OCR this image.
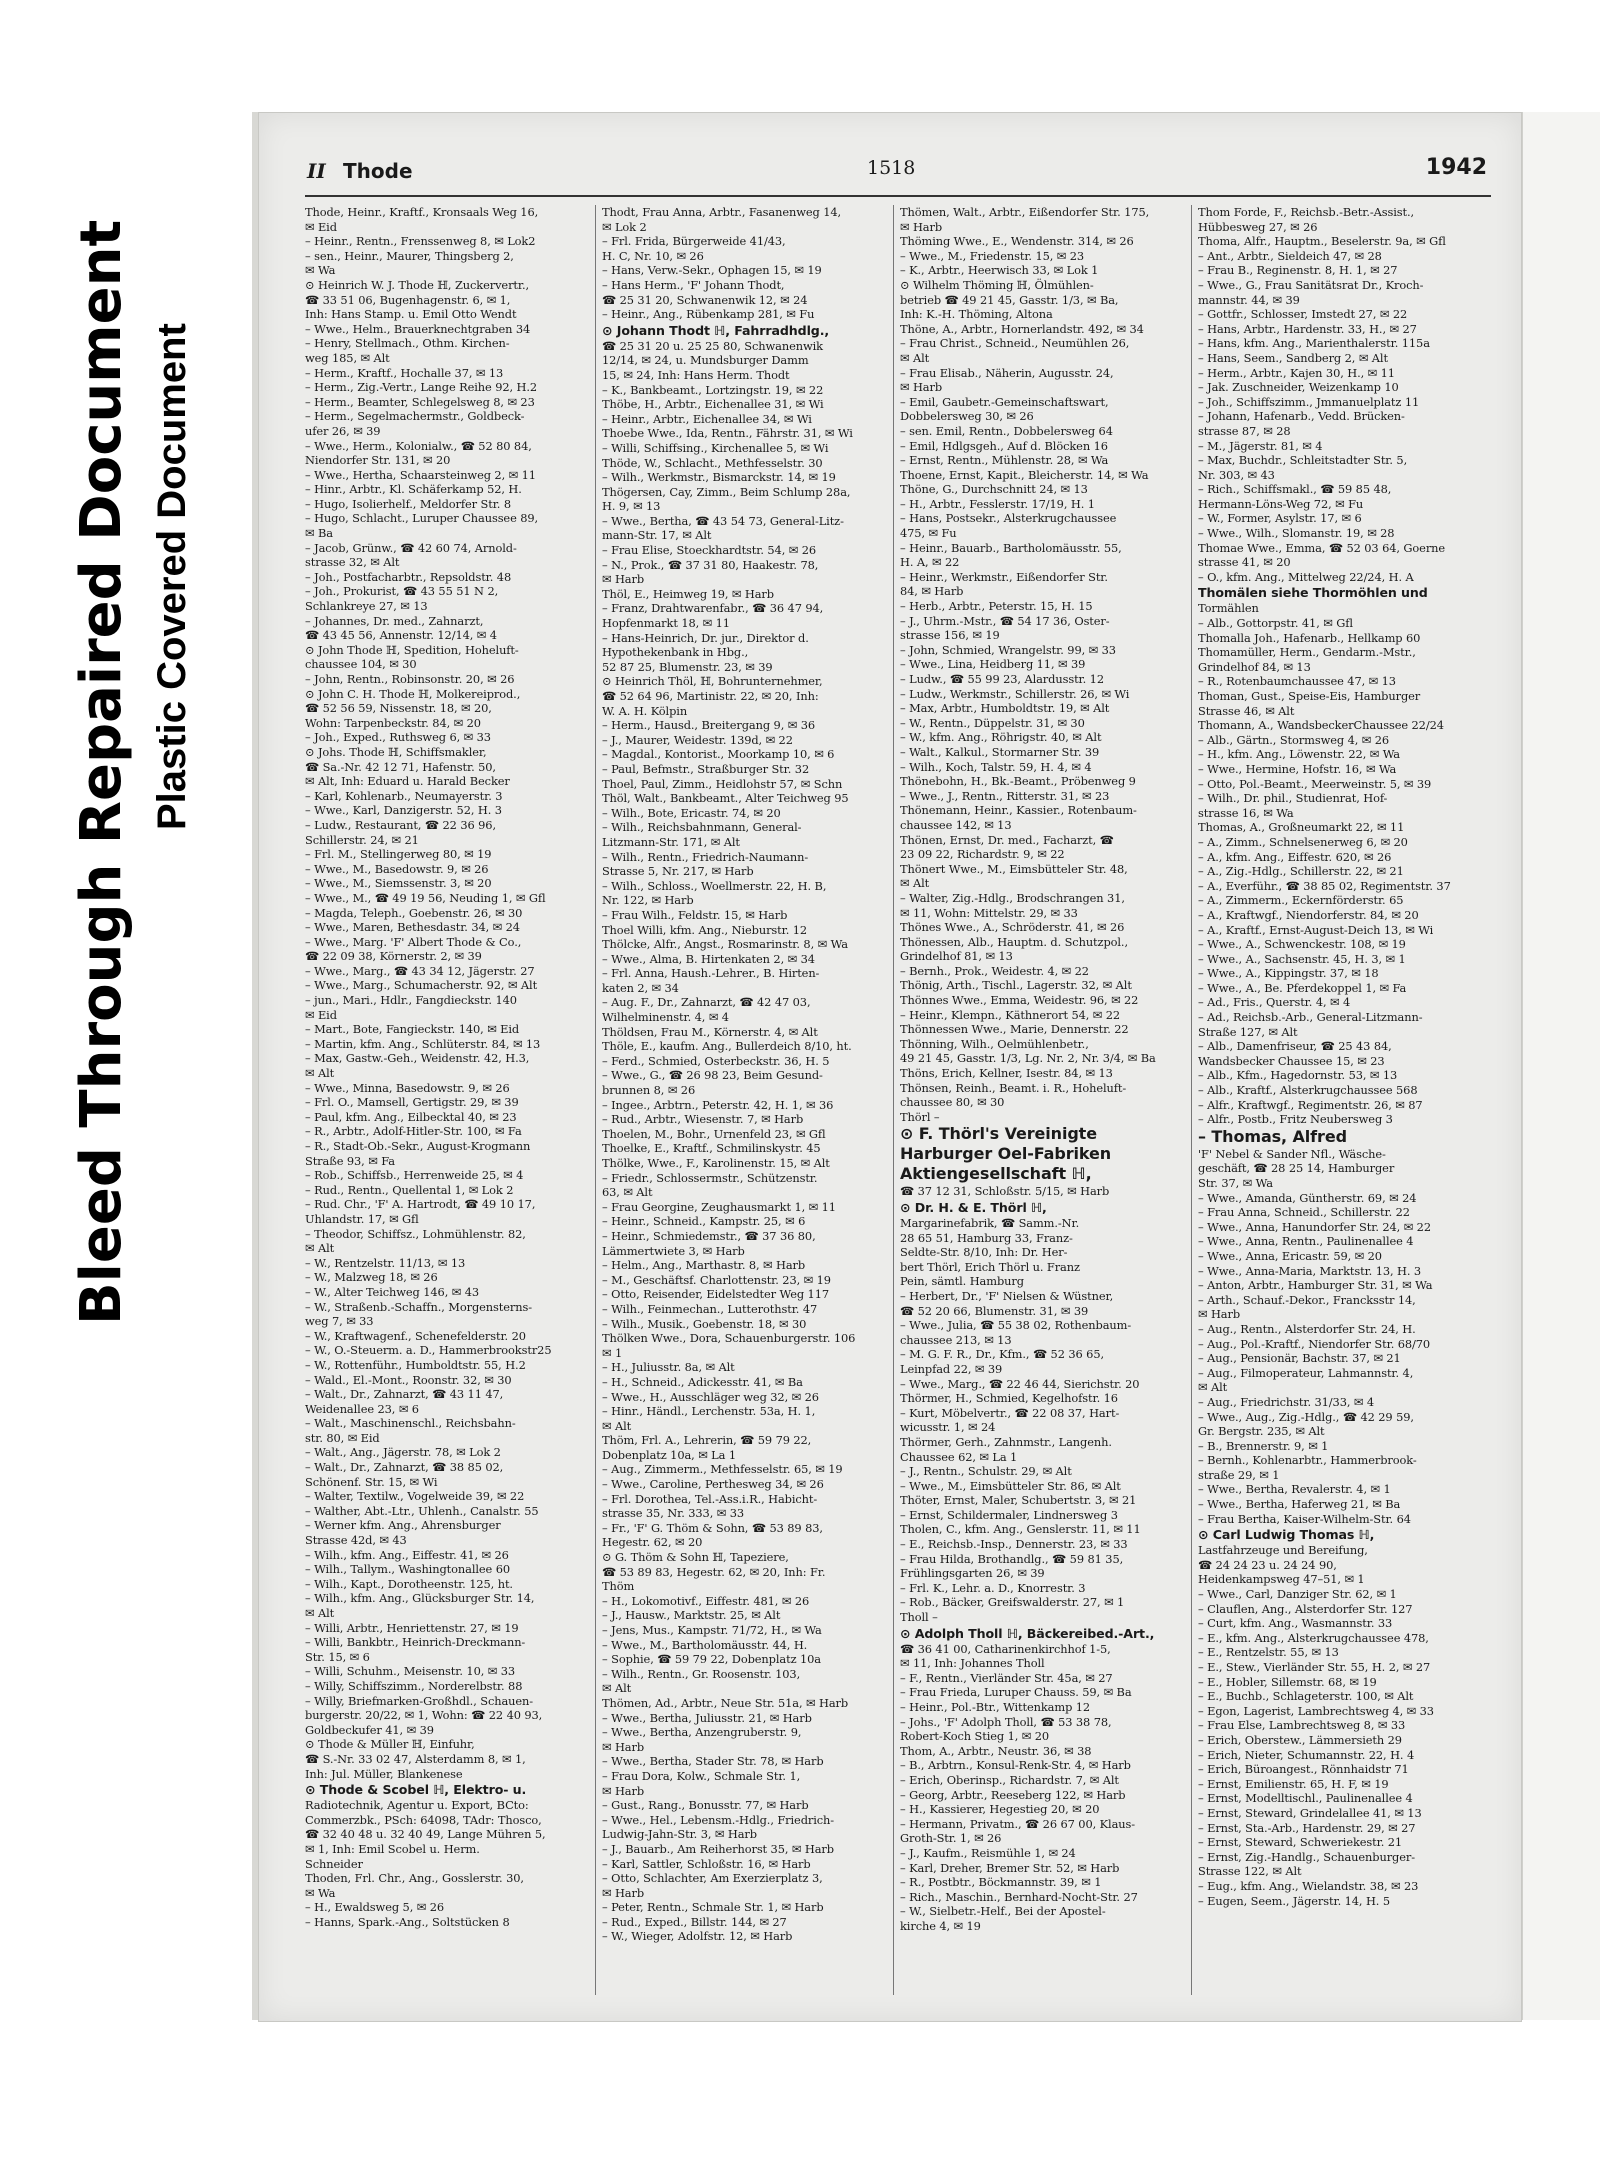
Bleed Through Repaired Document Plastic Covered Document
II Thode	1518	1942
Thode, Heinr., Kraftf., Kronsaals Weg 16,
✉ Eid
– Heinr., Rentn., Frenssenweg 8, ✉ Lok2
– sen., Heinr., Maurer, Thingsberg 2,
✉ Wa
⊙ Heinrich W. J. Thode ℍ, Zuckervertr.,
☎ 33 51 06, Bugenhagenstr. 6, ✉ 1,
Inh: Hans Stamp. u. Emil Otto Wendt
– Wwe., Helm., Brauerknechtgraben 34
– Henry, Stellmach., Othm. Kirchen-
weg 185, ✉ Alt
– Herm., Kraftf., Hochalle 37, ✉ 13
– Herm., Zig.-Vertr., Lange Reihe 92, H.2
– Herm., Beamter, Schlegelsweg 8, ✉ 23
– Herm., Segelmachermstr., Goldbeck-
ufer 26, ✉ 39
– Wwe., Herm., Kolonialw., ☎ 52 80 84,
Niendorfer Str. 131, ✉ 20
– Wwe., Hertha, Schaarsteinweg 2, ✉ 11
– Hinr., Arbtr., Kl. Schäferkamp 52, H.
– Hugo, Isolierhelf., Meldorfer Str. 8
– Hugo, Schlacht., Luruper Chaussee 89,
✉ Ba
– Jacob, Grünw., ☎ 42 60 74, Arnold-
strasse 32, ✉ Alt
– Joh., Postfacharbtr., Repsoldstr. 48
– Joh., Prokurist, ☎ 43 55 51 N 2,
Schlankreye 27, ✉ 13
– Johannes, Dr. med., Zahnarzt,
☎ 43 45 56, Annenstr. 12/14, ✉ 4
⊙ John Thode ℍ, Spedition, Hoheluft-
chaussee 104, ✉ 30
– John, Rentn., Robinsonstr. 20, ✉ 26
⊙ John C. H. Thode ℍ, Molkereiprod.,
☎ 52 56 59, Nissenstr. 18, ✉ 20,
Wohn: Tarpenbeckstr. 84, ✉ 20
– Joh., Exped., Ruthsweg 6, ✉ 33
⊙ Johs. Thode ℍ, Schiffsmakler,
☎ Sa.-Nr. 42 12 71, Hafenstr. 50,
✉ Alt, Inh: Eduard u. Harald Becker
– Karl, Kohlenarb., Neumayerstr. 3
– Wwe., Karl, Danzigerstr. 52, H. 3
– Ludw., Restaurant, ☎ 22 36 96,
Schillerstr. 24, ✉ 21
– Frl. M., Stellingerweg 80, ✉ 19
– Wwe., M., Basedowstr. 9, ✉ 26
– Wwe., M., Siemssenstr. 3, ✉ 20
– Wwe., M., ☎ 49 19 56, Neuding 1, ✉ Gfl
– Magda, Teleph., Goebenstr. 26, ✉ 30
– Wwe., Maren, Bethesdastr. 34, ✉ 24
– Wwe., Marg. 'F' Albert Thode & Co.,
☎ 22 09 38, Körnerstr. 2, ✉ 39
– Wwe., Marg., ☎ 43 34 12, Jägerstr. 27
– Wwe., Marg., Schumacherstr. 92, ✉ Alt
– jun., Mari., Hdlr., Fangdieckstr. 140
✉ Eid
– Mart., Bote, Fangieckstr. 140, ✉ Eid
– Martin, kfm. Ang., Schlüterstr. 84, ✉ 13
– Max, Gastw.-Geh., Weidenstr. 42, H.3,
✉ Alt
– Wwe., Minna, Basedowstr. 9, ✉ 26
– Frl. O., Mamsell, Gertigstr. 29, ✉ 39
– Paul, kfm. Ang., Eilbecktal 40, ✉ 23
– R., Arbtr., Adolf-Hitler-Str. 100, ✉ Fa
– R., Stadt-Ob.-Sekr., August-Krogmann
Straße 93, ✉ Fa
– Rob., Schiffsb., Herrenweide 25, ✉ 4
– Rud., Rentn., Quellental 1, ✉ Lok 2
– Rud. Chr., 'F' A. Hartrodt, ☎ 49 10 17,
Uhlandstr. 17, ✉ Gfl
– Theodor, Schiffsz., Lohmühlenstr. 82,
✉ Alt
– W., Rentzelstr. 11/13, ✉ 13
– W., Malzweg 18, ✉ 26
– W., Alter Teichweg 146, ✉ 43
– W., Straßenb.-Schaffn., Morgensterns-
weg 7, ✉ 33
– W., Kraftwagenf., Schenefelderstr. 20
– W., O.-Steuerm. a. D., Hammerbrookstr25
– W., Rottenführ., Humboldtstr. 55, H.2
– Wald., El.-Mont., Roonstr. 32, ✉ 30
– Walt., Dr., Zahnarzt, ☎ 43 11 47,
Weidenallee 23, ✉ 6
– Walt., Maschinenschl., Reichsbahn-
str. 80, ✉ Eid
– Walt., Ang., Jägerstr. 78, ✉ Lok 2
– Walt., Dr., Zahnarzt, ☎ 38 85 02,
Schönenf. Str. 15, ✉ Wi
– Walter, Textilw., Vogelweide 39, ✉ 22
– Walther, Abt.-Ltr., Uhlenh., Canalstr. 55
– Werner kfm. Ang., Ahrensburger
Strasse 42d, ✉ 43
– Wilh., kfm. Ang., Eiffestr. 41, ✉ 26
– Wilh., Tallym., Washingtonallee 60
– Wilh., Kapt., Dorotheenstr. 125, ht.
– Wilh., kfm. Ang., Glücksburger Str. 14,
✉ Alt
– Willi, Arbtr., Henriettenstr. 27, ✉ 19
– Willi, Bankbtr., Heinrich-Dreckmann-
Str. 15, ✉ 6
– Willi, Schuhm., Meisenstr. 10, ✉ 33
– Willy, Schiffszimm., Norderelbstr. 88
– Willy, Briefmarken-Großhdl., Schauen-
burgerstr. 20/22, ✉ 1, Wohn: ☎ 22 40 93,
Goldbeckufer 41, ✉ 39
⊙ Thode & Müller ℍ, Einfuhr,
☎ S.-Nr. 33 02 47, Alsterdamm 8, ✉ 1,
Inh: Jul. Müller, Blankenese
⊙ Thode & Scobel ℍ, Elektro- u.
Radiotechnik, Agentur u. Export, BCto:
Commerzbk., PSch: 64098, TAdr: Thosco,
☎ 32 40 48 u. 32 40 49, Lange Mühren 5,
✉ 1, Inh: Emil Scobel u. Herm.
Schneider
Thoden, Frl. Chr., Ang., Gosslerstr. 30,
✉ Wa
– H., Ewaldsweg 5, ✉ 26
– Hanns, Spark.-Ang., Soltstücken 8
Thodt, Frau Anna, Arbtr., Fasanenweg 14,
✉ Lok 2
– Frl. Frida, Bürgerweide 41/43,
H. C, Nr. 10, ✉ 26
– Hans, Verw.-Sekr., Ophagen 15, ✉ 19
– Hans Herm., 'F' Johann Thodt,
☎ 25 31 20, Schwanenwik 12, ✉ 24
– Heinr., Ang., Rübenkamp 281, ✉ Fu
⊙ Johann Thodt ℍ, Fahrradhdlg.,
☎ 25 31 20 u. 25 25 80, Schwanenwik
12/14, ✉ 24, u. Mundsburger Damm
15, ✉ 24, Inh: Hans Herm. Thodt
– K., Bankbeamt., Lortzingstr. 19, ✉ 22
Thöbe, H., Arbtr., Eichenallee 31, ✉ Wi
– Heinr., Arbtr., Eichenallee 34, ✉ Wi
Thoebe Wwe., Ida, Rentn., Fährstr. 31, ✉ Wi
– Willi, Schiffsing., Kirchenallee 5, ✉ Wi
Thöde, W., Schlacht., Methfesselstr. 30
– Wilh., Werkmstr., Bismarckstr. 14, ✉ 19
Thögersen, Cay, Zimm., Beim Schlump 28a,
H. 9, ✉ 13
– Wwe., Bertha, ☎ 43 54 73, General-Litz-
mann-Str. 17, ✉ Alt
– Frau Elise, Stoeckhardtstr. 54, ✉ 26
– N., Prok., ☎ 37 31 80, Haakestr. 78,
✉ Harb
Thöl, E., Heimweg 19, ✉ Harb
– Franz, Drahtwarenfabr., ☎ 36 47 94,
Hopfenmarkt 18, ✉ 11
– Hans-Heinrich, Dr. jur., Direktor d.
Hypothekenbank in Hbg.,
52 87 25, Blumenstr. 23, ✉ 39
⊙ Heinrich Thöl, ℍ, Bohrunternehmer,
☎ 52 64 96, Martinistr. 22, ✉ 20, Inh:
W. A. H. Kölpin
– Herm., Hausd., Breitergang 9, ✉ 36
– J., Maurer, Weidestr. 139d, ✉ 22
– Magdal., Kontorist., Moorkamp 10, ✉ 6
– Paul, Befmstr., Straßburger Str. 32
Thoel, Paul, Zimm., Heidlohstr 57, ✉ Schn
Thöl, Walt., Bankbeamt., Alter Teichweg 95
– Wilh., Bote, Ericastr. 74, ✉ 20
– Wilh., Reichsbahnmann, General-
Litzmann-Str. 171, ✉ Alt
– Wilh., Rentn., Friedrich-Naumann-
Strasse 5, Nr. 217, ✉ Harb
– Wilh., Schloss., Woellmerstr. 22, H. B,
Nr. 122, ✉ Harb
– Frau Wilh., Feldstr. 15, ✉ Harb
Thoel Willi, kfm. Ang., Nieburstr. 12
Thölcke, Alfr., Angst., Rosmarinstr. 8, ✉ Wa
– Wwe., Alma, B. Hirtenkaten 2, ✉ 34
– Frl. Anna, Haush.-Lehrer., B. Hirten-
katen 2, ✉ 34
– Aug. F., Dr., Zahnarzt, ☎ 42 47 03,
Wilhelminenstr. 4, ✉ 4
Thöldsen, Frau M., Körnerstr. 4, ✉ Alt
Thöle, E., kaufm. Ang., Bullerdeich 8/10, ht.
– Ferd., Schmied, Osterbeckstr. 36, H. 5
– Wwe., G., ☎ 26 98 23, Beim Gesund-
brunnen 8, ✉ 26
– Ingee., Arbtrn., Peterstr. 42, H. 1, ✉ 36
– Rud., Arbtr., Wiesenstr. 7, ✉ Harb
Thoelen, M., Bohr., Urnenfeld 23, ✉ Gfl
Thoelke, E., Kraftf., Schmilinskystr. 45
Thölke, Wwe., F., Karolinenstr. 15, ✉ Alt
– Friedr., Schlossermstr., Schützenstr.
63, ✉ Alt
– Frau Georgine, Zeughausmarkt 1, ✉ 11
– Heinr., Schneid., Kampstr. 25, ✉ 6
– Heinr., Schmiedemstr., ☎ 37 36 80,
Lämmertwiete 3, ✉ Harb
– Helm., Ang., Marthastr. 8, ✉ Harb
– M., Geschäftsf. Charlottenstr. 23, ✉ 19
– Otto, Reisender, Eidelstedter Weg 117
– Wilh., Feinmechan., Lutterothstr. 47
– Wilh., Musik., Goebenstr. 18, ✉ 30
Thölken Wwe., Dora, Schauenburgerstr. 106
✉ 1
– H., Juliusstr. 8a, ✉ Alt
– H., Schneid., Adickesstr. 41, ✉ Ba
– Wwe., H., Ausschläger weg 32, ✉ 26
– Hinr., Händl., Lerchenstr. 53a, H. 1,
✉ Alt
Thöm, Frl. A., Lehrerin, ☎ 59 79 22,
Dobenplatz 10a, ✉ La 1
– Aug., Zimmerm., Methfesselstr. 65, ✉ 19
– Wwe., Caroline, Perthesweg 34, ✉ 26
– Frl. Dorothea, Tel.-Ass.i.R., Habicht-
strasse 35, Nr. 333, ✉ 33
– Fr., 'F' G. Thöm & Sohn, ☎ 53 89 83,
Hegestr. 62, ✉ 20
⊙ G. Thöm & Sohn ℍ, Tapeziere,
☎ 53 89 83, Hegestr. 62, ✉ 20, Inh: Fr.
Thöm
– H., Lokomotivf., Eiffestr. 481, ✉ 26
– J., Hausw., Marktstr. 25, ✉ Alt
– Jens, Mus., Kampstr. 71/72, H., ✉ Wa
– Wwe., M., Bartholomäusstr. 44, H.
– Sophie, ☎ 59 79 22, Dobenplatz 10a
– Wilh., Rentn., Gr. Roosenstr. 103,
✉ Alt
Thömen, Ad., Arbtr., Neue Str. 51a, ✉ Harb
– Wwe., Bertha, Juliusstr. 21, ✉ Harb
– Wwe., Bertha, Anzengruberstr. 9,
✉ Harb
– Wwe., Bertha, Stader Str. 78, ✉ Harb
– Frau Dora, Kolw., Schmale Str. 1,
✉ Harb
– Gust., Rang., Bonusstr. 77, ✉ Harb
– Wwe., Hel., Lebensm.-Hdlg., Friedrich-
Ludwig-Jahn-Str. 3, ✉ Harb
– J., Bauarb., Am Reiherhorst 35, ✉ Harb
– Karl, Sattler, Schloßstr. 16, ✉ Harb
– Otto, Schlachter, Am Exerzierplatz 3,
✉ Harb
– Peter, Rentn., Schmale Str. 1, ✉ Harb
– Rud., Exped., Billstr. 144, ✉ 27
– W., Wieger, Adolfstr. 12, ✉ Harb
Thömen, Walt., Arbtr., Eißendorfer Str. 175,
✉ Harb
Thöming Wwe., E., Wendenstr. 314, ✉ 26
– Wwe., M., Friedenstr. 15, ✉ 23
– K., Arbtr., Heerwisch 33, ✉ Lok 1
⊙ Wilhelm Thöming ℍ, Ölmühlen-
betrieb ☎ 49 21 45, Gasstr. 1/3, ✉ Ba,
Inh: K.-H. Thöming, Altona
Thöne, A., Arbtr., Hornerlandstr. 492, ✉ 34
– Frau Christ., Schneid., Neumühlen 26,
✉ Alt
– Frau Elisab., Näherin, Augusstr. 24,
✉ Harb
– Emil, Gaubetr.-Gemeinschaftswart,
Dobbelersweg 30, ✉ 26
– sen. Emil, Rentn., Dobbelersweg 64
– Emil, Hdlgsgeh., Auf d. Blöcken 16
– Ernst, Rentn., Mühlenstr. 28, ✉ Wa
Thoene, Ernst, Kapit., Bleicherstr. 14, ✉ Wa
Thöne, G., Durchschnitt 24, ✉ 13
– H., Arbtr., Fesslerstr. 17/19, H. 1
– Hans, Postsekr., Alsterkrugchaussee
475, ✉ Fu
– Heinr., Bauarb., Bartholomäusstr. 55,
H. A, ✉ 22
– Heinr., Werkmstr., Eißendorfer Str.
84, ✉ Harb
– Herb., Arbtr., Peterstr. 15, H. 15
– J., Uhrm.-Mstr., ☎ 54 17 36, Oster-
strasse 156, ✉ 19
– John, Schmied, Wrangelstr. 99, ✉ 33
– Wwe., Lina, Heidberg 11, ✉ 39
– Ludw., ☎ 55 99 23, Alardusstr. 12
– Ludw., Werkmstr., Schillerstr. 26, ✉ Wi
– Max, Arbtr., Humboldtstr. 19, ✉ Alt
– W., Rentn., Düppelstr. 31, ✉ 30
– W., kfm. Ang., Röhrigstr. 40, ✉ Alt
– Walt., Kalkul., Stormarner Str. 39
– Wilh., Koch, Talstr. 59, H. 4, ✉ 4
Thönebohn, H., Bk.-Beamt., Pröbenweg 9
– Wwe., J., Rentn., Ritterstr. 31, ✉ 23
Thönemann, Heinr., Kassier., Rotenbaum-
chaussee 142, ✉ 13
Thönen, Ernst, Dr. med., Facharzt, ☎
23 09 22, Richardstr. 9, ✉ 22
Thönert Wwe., M., Eimsbütteler Str. 48,
✉ Alt
– Walter, Zig.-Hdlg., Brodschrangen 31,
✉ 11, Wohn: Mittelstr. 29, ✉ 33
Thönes Wwe., A., Schröderstr. 41, ✉ 26
Thönessen, Alb., Hauptm. d. Schutzpol.,
Grindelhof 81, ✉ 13
– Bernh., Prok., Weidestr. 4, ✉ 22
Thönig, Arth., Tischl., Lagerstr. 32, ✉ Alt
Thönnes Wwe., Emma, Weidestr. 96, ✉ 22
– Heinr., Klempn., Käthnerort 54, ✉ 22
Thönnessen Wwe., Marie, Dennerstr. 22
Thönning, Wilh., Oelmühlenbetr.,
49 21 45, Gasstr. 1/3, Lg. Nr. 2, Nr. 3/4, ✉ Ba
Thöns, Erich, Kellner, Isestr. 84, ✉ 13
Thönsen, Reinh., Beamt. i. R., Hoheluft-
chaussee 80, ✉ 30
Thörl –
⊙ F. Thörl's Vereinigte
Harburger Oel-Fabriken
Aktiengesellschaft ℍ,
☎ 37 12 31, Schloßstr. 5/15, ✉ Harb
⊙ Dr. H. & E. Thörl ℍ,
Margarinefabrik, ☎ Samm.-Nr.
28 65 51, Hamburg 33, Franz-
Seldte-Str. 8/10, Inh: Dr. Her-
bert Thörl, Erich Thörl u. Franz
Pein, sämtl. Hamburg
– Herbert, Dr., 'F' Nielsen & Wüstner,
☎ 52 20 66, Blumenstr. 31, ✉ 39
– Wwe., Julia, ☎ 55 38 02, Rothenbaum-
chaussee 213, ✉ 13
– M. G. F. R., Dr., Kfm., ☎ 52 36 65,
Leinpfad 22, ✉ 39
– Wwe., Marg., ☎ 22 46 44, Sierichstr. 20
Thörmer, H., Schmied, Kegelhofstr. 16
– Kurt, Möbelvertr., ☎ 22 08 37, Hart-
wicusstr. 1, ✉ 24
Thörmer, Gerh., Zahnmstr., Langenh.
Chaussee 62, ✉ La 1
– J., Rentn., Schulstr. 29, ✉ Alt
– Wwe., M., Eimsbütteler Str. 86, ✉ Alt
Thöter, Ernst, Maler, Schubertstr. 3, ✉ 21
– Ernst, Schildermaler, Lindnersweg 3
Tholen, C., kfm. Ang., Genslerstr. 11, ✉ 11
– E., Reichsb.-Insp., Dennerstr. 23, ✉ 33
– Frau Hilda, Brothandlg., ☎ 59 81 35,
Frühlingsgarten 26, ✉ 39
– Frl. K., Lehr. a. D., Knorrestr. 3
– Rob., Bäcker, Greifswalderstr. 27, ✉ 1
Tholl –
⊙ Adolph Tholl ℍ, Bäckereibed.-Art.,
☎ 36 41 00, Catharinenkirchhof 1-5,
✉ 11, Inh: Johannes Tholl
– F., Rentn., Vierländer Str. 45a, ✉ 27
– Frau Frieda, Luruper Chauss. 59, ✉ Ba
– Heinr., Pol.-Btr., Wittenkamp 12
– Johs., 'F' Adolph Tholl, ☎ 53 38 78,
Robert-Koch Stieg 1, ✉ 20
Thom, A., Arbtr., Neustr. 36, ✉ 38
– B., Arbtrn., Konsul-Renk-Str. 4, ✉ Harb
– Erich, Oberinsp., Richardstr. 7, ✉ Alt
– Georg, Arbtr., Reeseberg 122, ✉ Harb
– H., Kassierer, Hegestieg 20, ✉ 20
– Hermann, Privatm., ☎ 26 67 00, Klaus-
Groth-Str. 1, ✉ 26
– J., Kaufm., Reismühle 1, ✉ 24
– Karl, Dreher, Bremer Str. 52, ✉ Harb
– R., Postbtr., Böckmannstr. 39, ✉ 1
– Rich., Maschin., Bernhard-Nocht-Str. 27
– W., Sielbetr.-Helf., Bei der Apostel-
kirche 4, ✉ 19
Thom Forde, F., Reichsb.-Betr.-Assist.,
Hübbesweg 27, ✉ 26
Thoma, Alfr., Hauptm., Beselerstr. 9a, ✉ Gfl
– Ant., Arbtr., Sieldeich 47, ✉ 28
– Frau B., Reginenstr. 8, H. 1, ✉ 27
– Wwe., G., Frau Sanitätsrat Dr., Kroch-
mannstr. 44, ✉ 39
– Gottfr., Schlosser, Imstedt 27, ✉ 22
– Hans, Arbtr., Hardenstr. 33, H., ✉ 27
– Hans, kfm. Ang., Marienthalerstr. 115a
– Hans, Seem., Sandberg 2, ✉ Alt
– Herm., Arbtr., Kajen 30, H., ✉ 11
– Jak. Zuschneider, Weizenkamp 10
– Joh., Schiffszimm., Jmmanuelplatz 11
– Johann, Hafenarb., Vedd. Brücken-
strasse 87, ✉ 28
– M., Jägerstr. 81, ✉ 4
– Max, Buchdr., Schleitstadter Str. 5,
Nr. 303, ✉ 43
– Rich., Schiffsmakl., ☎ 59 85 48,
Hermann-Löns-Weg 72, ✉ Fu
– W., Former, Asylstr. 17, ✉ 6
– Wwe., Wilh., Slomanstr. 19, ✉ 28
Thomae Wwe., Emma, ☎ 52 03 64, Goerne
strasse 41, ✉ 20
– O., kfm. Ang., Mittelweg 22/24, H. A
Thomälen siehe Thormöhlen und
Tormählen
– Alb., Gottorpstr. 41, ✉ Gfl
Thomalla Joh., Hafenarb., Hellkamp 60
Thomamüller, Herm., Gendarm.-Mstr.,
Grindelhof 84, ✉ 13
– R., Rotenbaumchaussee 47, ✉ 13
Thoman, Gust., Speise-Eis, Hamburger
Strasse 46, ✉ Alt
Thomann, A., WandsbeckerChaussee 22/24
– Alb., Gärtn., Stormsweg 4, ✉ 26
– H., kfm. Ang., Löwenstr. 22, ✉ Wa
– Wwe., Hermine, Hofstr. 16, ✉ Wa
– Otto, Pol.-Beamt., Meerweinstr. 5, ✉ 39
– Wilh., Dr. phil., Studienrat, Hof-
strasse 16, ✉ Wa
Thomas, A., Großneumarkt 22, ✉ 11
– A., Zimm., Schnelsenerweg 6, ✉ 20
– A., kfm. Ang., Eiffestr. 620, ✉ 26
– A., Zig.-Hdlg., Schillerstr. 22, ✉ 21
– A., Everführ., ☎ 38 85 02, Regimentstr. 37
– A., Zimmerm., Eckernförderstr. 65
– A., Kraftwgf., Niendorferstr. 84, ✉ 20
– A., Kraftf., Ernst-August-Deich 13, ✉ Wi
– Wwe., A., Schwenckestr. 108, ✉ 19
– Wwe., A., Sachsenstr. 45, H. 3, ✉ 1
– Wwe., A., Kippingstr. 37, ✉ 18
– Wwe., A., Be. Pferdekoppel 1, ✉ Fa
– Ad., Fris., Querstr. 4, ✉ 4
– Ad., Reichsb.-Arb., General-Litzmann-
Straße 127, ✉ Alt
– Alb., Damenfriseur, ☎ 25 43 84,
Wandsbecker Chaussee 15, ✉ 23
– Alb., Kfm., Hagedornstr. 53, ✉ 13
– Alb., Kraftf., Alsterkrugchaussee 568
– Alfr., Kraftwgf., Regimentstr. 26, ✉ 87
– Alfr., Postb., Fritz Neubersweg 3
– Thomas, Alfred
'F' Nebel & Sander Nfl., Wäsche-
geschäft, ☎ 28 25 14, Hamburger
Str. 37, ✉ Wa
– Wwe., Amanda, Güntherstr. 69, ✉ 24
– Frau Anna, Schneid., Schillerstr. 22
– Wwe., Anna, Hanundorfer Str. 24, ✉ 22
– Wwe., Anna, Rentn., Paulinenallee 4
– Wwe., Anna, Ericastr. 59, ✉ 20
– Wwe., Anna-Maria, Marktstr. 13, H. 3
– Anton, Arbtr., Hamburger Str. 31, ✉ Wa
– Arth., Schauf.-Dekor., Francksstr 14,
✉ Harb
– Aug., Rentn., Alsterdorfer Str. 24, H.
– Aug., Pol.-Kraftf., Niendorfer Str. 68/70
– Aug., Pensionär, Bachstr. 37, ✉ 21
– Aug., Filmoperateur, Lahmannstr. 4,
✉ Alt
– Aug., Friedrichstr. 31/33, ✉ 4
– Wwe., Aug., Zig.-Hdlg., ☎ 42 29 59,
Gr. Bergstr. 235, ✉ Alt
– B., Brennerstr. 9, ✉ 1
– Bernh., Kohlenarbtr., Hammerbrook-
straße 29, ✉ 1
– Wwe., Bertha, Revalerstr. 4, ✉ 1
– Wwe., Bertha, Haferweg 21, ✉ Ba
– Frau Bertha, Kaiser-Wilhelm-Str. 64
⊙ Carl Ludwig Thomas ℍ,
Lastfahrzeuge und Bereifung,
☎ 24 24 23 u. 24 24 90,
Heidenkampsweg 47–51, ✉ 1
– Wwe., Carl, Danziger Str. 62, ✉ 1
– Clauflen, Ang., Alsterdorfer Str. 127
– Curt, kfm. Ang., Wasmannstr. 33
– E., kfm. Ang., Alsterkrugchaussee 478,
– E., Rentzelstr. 55, ✉ 13
– E., Stew., Vierländer Str. 55, H. 2, ✉ 27
– E., Hobler, Sillemstr. 68, ✉ 19
– E., Buchb., Schlageterstr. 100, ✉ Alt
– Egon, Lagerist, Lambrechtsweg 4, ✉ 33
– Frau Else, Lambrechtsweg 8, ✉ 33
– Erich, Oberstew., Lämmersieth 29
– Erich, Nieter, Schumannstr. 22, H. 4
– Erich, Büroangest., Rönnhaidstr 71
– Ernst, Emilienstr. 65, H. F, ✉ 19
– Ernst, Modelltischl., Paulinenallee 4
– Ernst, Steward, Grindelallee 41, ✉ 13
– Ernst, Sta.-Arb., Hardenstr. 29, ✉ 27
– Ernst, Steward, Schweriekestr. 21
– Ernst, Zig.-Handlg., Schauenburger-
Strasse 122, ✉ Alt
– Eug., kfm. Ang., Wielandstr. 38, ✉ 23
– Eugen, Seem., Jägerstr. 14, H. 5
